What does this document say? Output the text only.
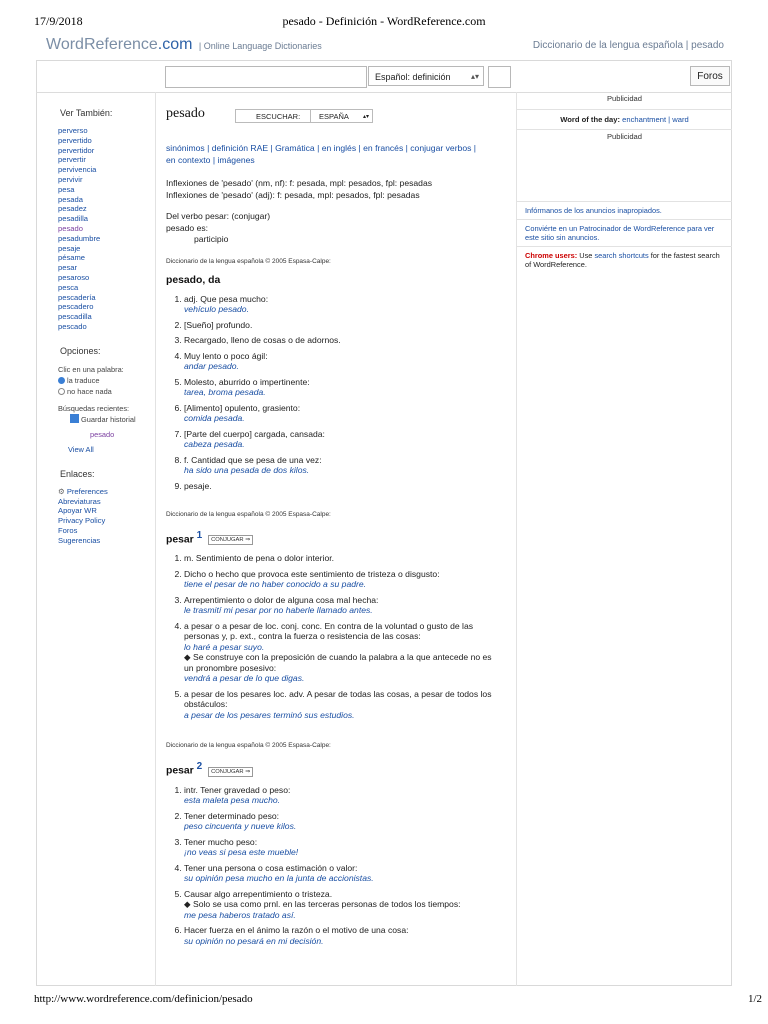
17/9/2018	pesado - Definición - WordReference.com
http://www.wordreference.com/definicion/pesado	1/2
WordReference.com | Online Language Dictionaries	Diccionario de la lengua española | pesado
Español: definición	▴▾	Foros
Ver También:
perverso
pervertido
pervertidor
pervertir
pervivencia
pervivir
pesa
pesada
pesadez
pesadilla
pesado
pesadumbre
pesaje
pésame
pesar
pesaroso
pesca
pescadería
pescadero
pescadilla
pescado
Opciones:
Clic en una palabra:
la traduce
no hace nada
Búsquedas recientes:
Guardar historial
pesado
View All
Enlaces:
⚙ Preferences
Abreviaturas
Apoyar WR
Privacy Policy
Foros
Sugerencias
pesado	ESCUCHAR:	ESPAÑA ▴▾
sinónimos | definición RAE | Gramática | en inglés | en francés | conjugar verbos |
en contexto | imágenes
Inflexiones de 'pesado' (nm, nf): f: pesada, mpl: pesados, fpl: pesadas
Inflexiones de 'pesado' (adj): f: pesada, mpl: pesados, fpl: pesadas
Del verbo pesar: (conjugar)
pesado es:
participio
Diccionario de la lengua española © 2005 Espasa-Calpe:
pesado, da
1. adj. Que pesa mucho:
vehículo pesado.
2. [Sueño] profundo.
3. Recargado, lleno de cosas o de adornos.
4. Muy lento o poco ágil:
andar pesado.
5. Molesto, aburrido o impertinente:
tarea, broma pesada.
6. [Alimento] opulento, grasiento:
comida pesada.
7. [Parte del cuerpo] cargada, cansada:
cabeza pesada.
8. f. Cantidad que se pesa de una vez:
ha sido una pesada de dos kilos.
9. pesaje.
Diccionario de la lengua española © 2005 Espasa-Calpe:
pesar $^1$ CONJUGAR ⇒
1. m. Sentimiento de pena o dolor interior.
2. Dicho o hecho que provoca este sentimiento de tristeza o disgusto:
tiene el pesar de no haber conocido a su padre.
3. Arrepentimiento o dolor de alguna cosa mal hecha:
le trasmití mi pesar por no haberle llamado antes.
4. a pesar o a pesar de loc. conj. conc. En contra de la voluntad o gusto de las personas y, p. ext., contra la fuerza o resistencia de las cosas:
lo haré a pesar suyo.
◆ Se construye con la preposición de cuando la palabra a la que antecede no es un pronombre posesivo:
vendrá a pesar de lo que digas.
5. a pesar de los pesares loc. adv. A pesar de todas las cosas, a pesar de todos los obstáculos:
a pesar de los pesares terminó sus estudios.
Diccionario de la lengua española © 2005 Espasa-Calpe:
pesar $^2$ CONJUGAR ⇒
1. intr. Tener gravedad o peso:
esta maleta pesa mucho.
2. Tener determinado peso:
peso cincuenta y nueve kilos.
3. Tener mucho peso:
¡no veas si pesa este mueble!
4. Tener una persona o cosa estimación o valor:
su opinión pesa mucho en la junta de accionistas.
5. Causar algo arrepentimiento o tristeza.
◆ Solo se usa como prnl. en las terceras personas de todos los tiempos:
me pesa haberos tratado así.
6. Hacer fuerza en el ánimo la razón o el motivo de una cosa:
su opinión no pesará en mi decisión.
Publicidad
Word of the day: enchantment | ward
Publicidad

Infórmanos de los anuncios inapropiados.

Conviérte en un Patrocinador de WordReference para ver este sitio sin anuncios.

Chrome users: Use search shortcuts for the fastest search of WordReference.
